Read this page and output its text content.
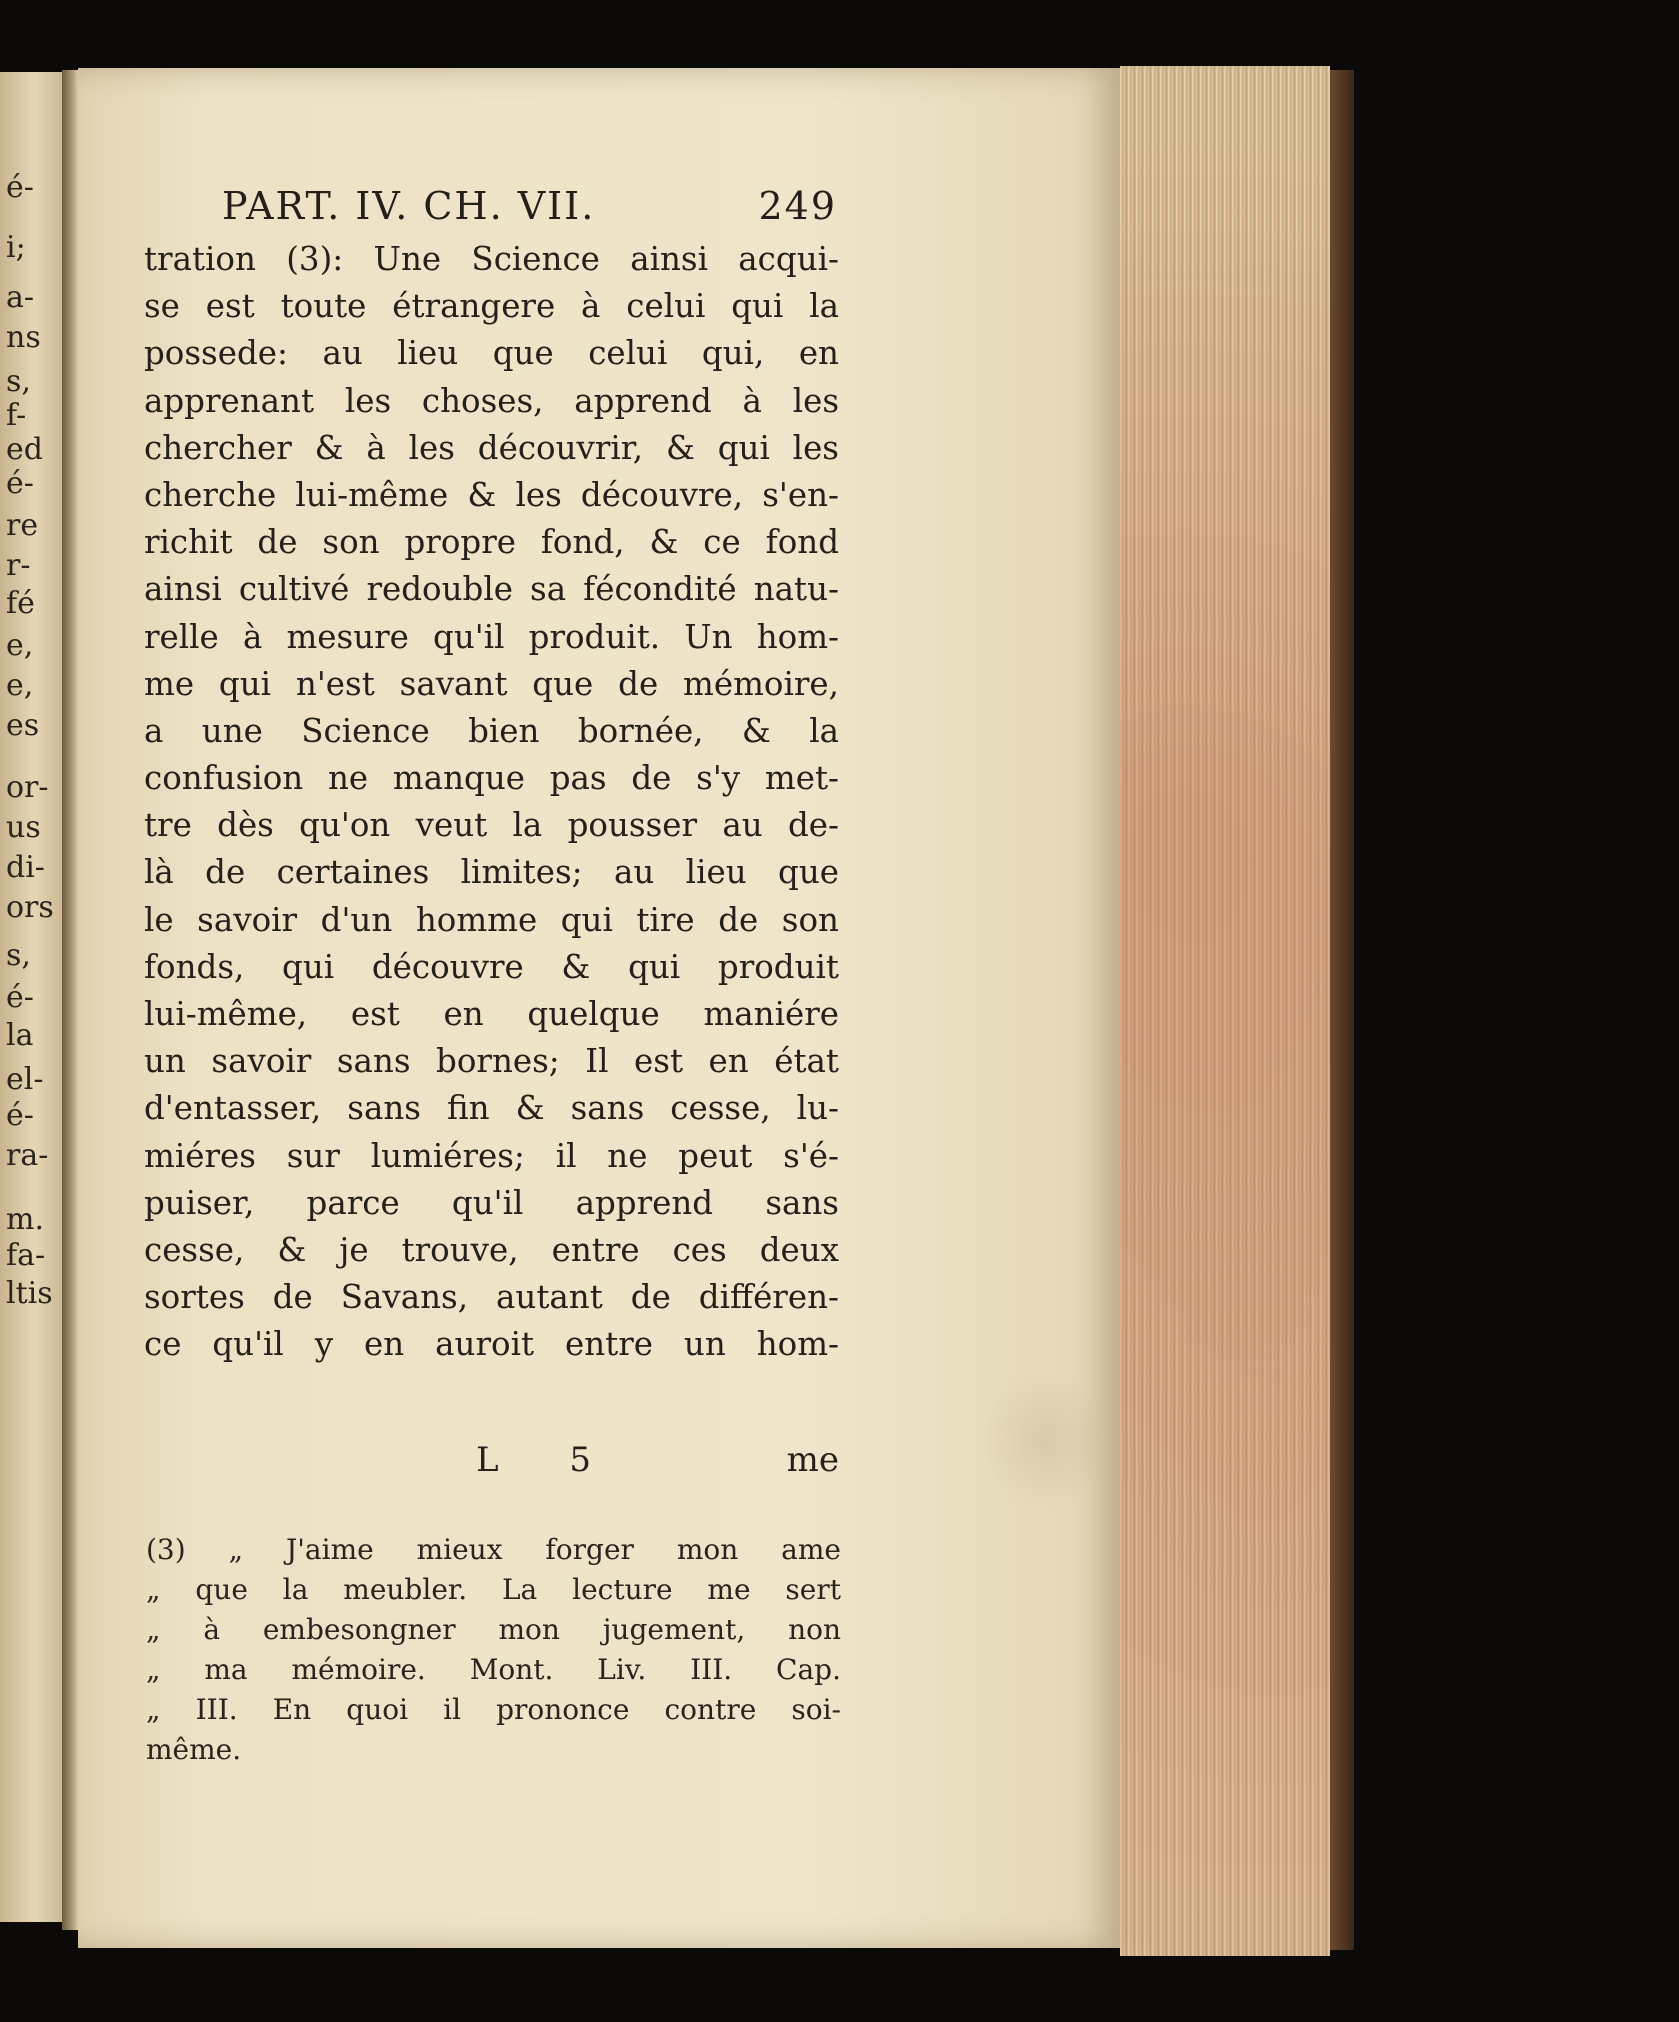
é-
i;
a-
ns
s,
f-
ed
é-
re
r-
fé
e,
e,
es
or-
us
di-
ors
s,
é-
la
el-
é-
ra-
m.
fa-
ltis
PART. IV. CH. VII.	249
tration (3): Une Science ainsi acqui-
se est toute étrangere à celui qui la
possede: au lieu que celui qui, en
apprenant les choses, apprend à les
chercher & à les découvrir, & qui les
cherche lui-même & les découvre, s'en-
richit de son propre fond, & ce fond
ainsi cultivé redouble sa fécondité natu-
relle à mesure qu'il produit. Un hom-
me qui n'est savant que de mémoire,
a une Science bien bornée, & la
confusion ne manque pas de s'y met-
tre dès qu'on veut la pousser au de-
là de certaines limites; au lieu que
le savoir d'un homme qui tire de son
fonds, qui découvre & qui produit
lui-même, est en quelque maniére
un savoir sans bornes; Il est en état
d'entasser, sans fin & sans cesse, lu-
miéres sur lumiéres; il ne peut s'é-
puiser, parce qu'il apprend sans
cesse, & je trouve, entre ces deux
sortes de Savans, autant de différen-
ce qu'il y en auroit entre un hom-
L 5	me
(3) „ J'aime mieux forger mon ame
„ que la meubler. La lecture me sert
„ à embesongner mon jugement, non
„ ma mémoire. Mont. Liv. III. Cap.
„ III. En quoi il prononce contre soi-
même.
